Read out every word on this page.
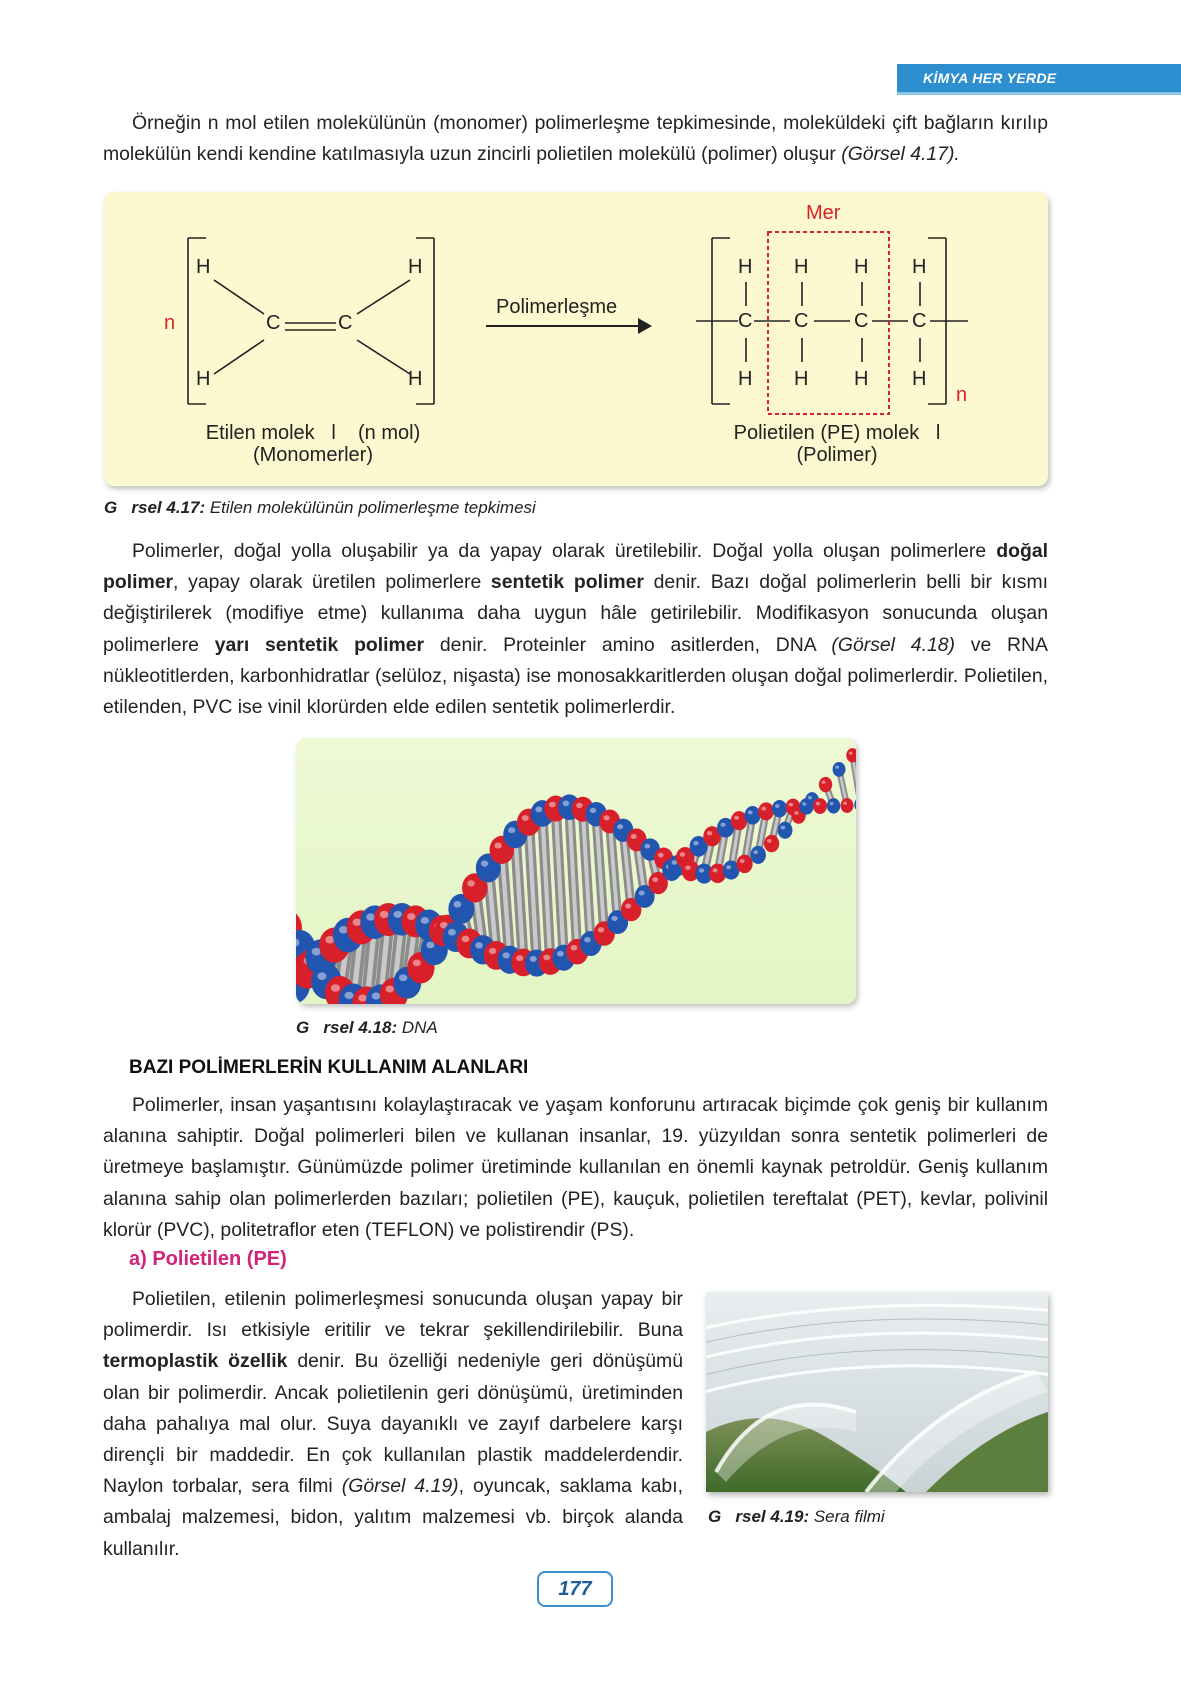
KİMYA HER YERDE

Örneğin n mol etilen molekülünün (monomer) polimerleşme tepkimesinde, moleküldeki çift bağların kırılıp molekülün kendi kendine katılmasıyla uzun zincirli polietilen molekülü (polimer) oluşur (Görsel 4.17).

n
H	H
H	H
C	C
Polimerleşme
Mer
H H H H
C C C C
H H H H
n
Etilen molek   l    (n mol)
(Monomerler)
Polietilen (PE) molek   l
(Polimer)
G   rsel 4.17: Etilen molekülünün polimerleşme tepkimesi

Polimerler, doğal yolla oluşabilir ya da yapay olarak üretilebilir. Doğal yolla oluşan polimerlere doğal polimer, yapay olarak üretilen polimerlere sentetik polimer denir. Bazı doğal polimerlerin belli bir kısmı değiştirilerek (modifiye etme) kullanıma daha uygun hâle getirilebilir. Modifikasyon sonucunda oluşan polimerlere yarı sentetik polimer denir. Proteinler amino asitlerden, DNA (Görsel 4.18) ve RNA nükleotitlerden, karbonhidratlar (selüloz, nişasta) ise monosakkaritlerden oluşan doğal polimerlerdir. Polietilen, etilenden, PVC ise vinil klorürden elde edilen sentetik polimerlerdir.

G   rsel 4.18: DNA
BAZI POLİMERLERİN KULLANIM ALANLARI

Polimerler, insan yaşantısını kolaylaştıracak ve yaşam konforunu artıracak biçimde çok geniş bir kullanım alanına sahiptir. Doğal polimerleri bilen ve kullanan insanlar, 19. yüzyıldan sonra sentetik polimerleri de üretmeye başlamıştır. Günümüzde polimer üretiminde kullanılan en önemli kaynak petroldür. Geniş kullanım alanına sahip olan polimerlerden bazıları; polietilen (PE), kauçuk, polietilen tereftalat (PET), kevlar, polivinil klorür (PVC), politetraflor eten (TEFLON) ve polistirendir (PS).

a) Polietilen (PE)

Polietilen, etilenin polimerleşmesi sonucunda oluşan yapay bir polimerdir. Isı etkisiyle eritilir ve tekrar şekillendirilebilir. Buna termoplastik özellik denir. Bu özelliği nedeniyle geri dönüşümü olan bir polimerdir. Ancak polietilenin geri dönüşümü, üretiminden daha pahalıya mal olur. Suya dayanıklı ve zayıf darbelere karşı dirençli bir maddedir. En çok kullanılan plastik maddelerdendir. Naylon torbalar, sera filmi (Görsel 4.19), oyuncak, saklama kabı, ambalaj malzemesi, bidon, yalıtım malzemesi vb. birçok alanda kullanılır.

G   rsel 4.19: Sera filmi
177
